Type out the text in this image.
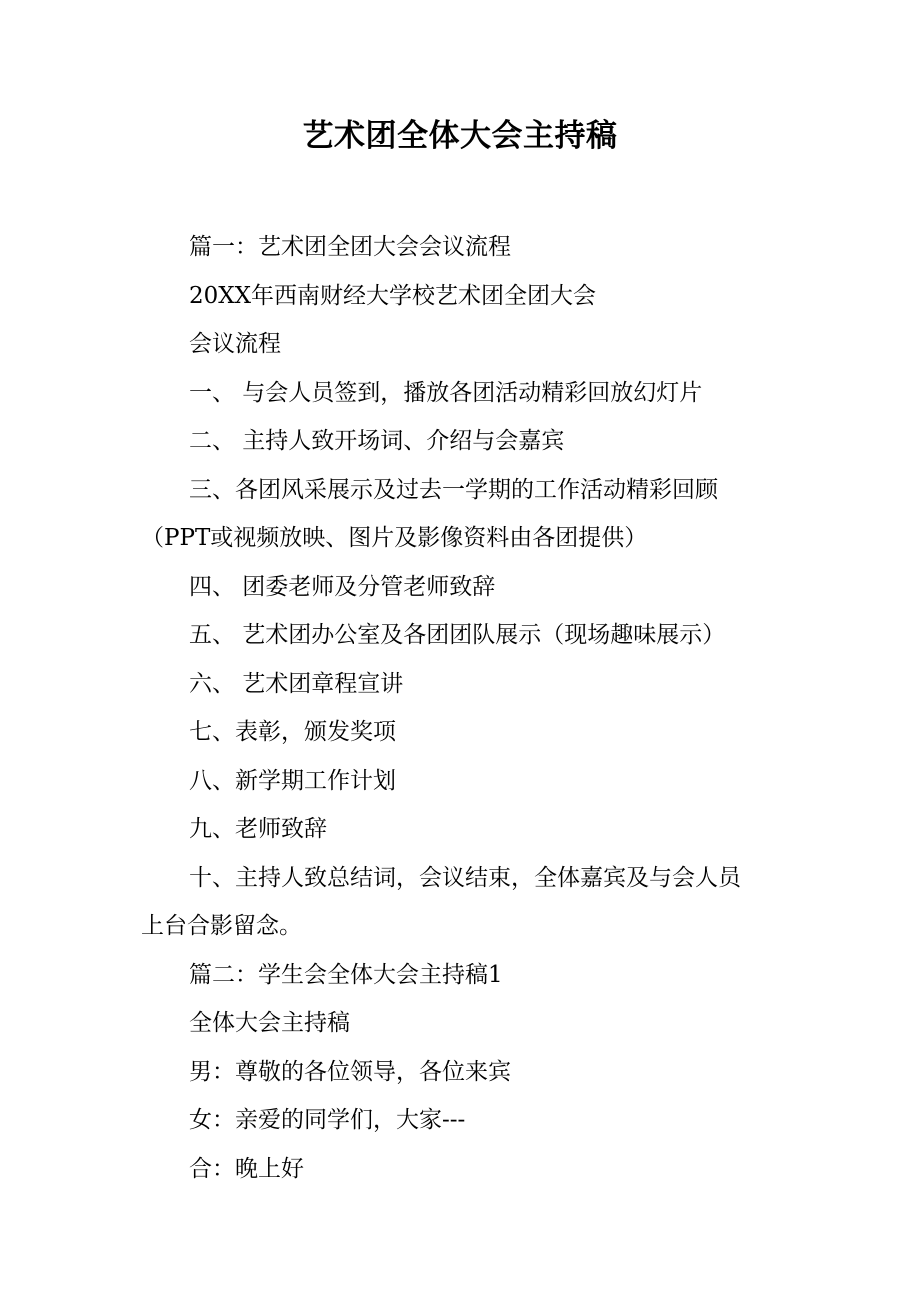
艺术团全体大会主持稿

篇一：艺术团全团大会会议流程

20XX年西南财经大学校艺术团全团大会

会议流程

一、 与会人员签到，播放各团活动精彩回放幻灯片

二、 主持人致开场词、介绍与会嘉宾

三、各团风采展示及过去一学期的工作活动精彩回顾

（PPT或视频放映、图片及影像资料由各团提供）

四、 团委老师及分管老师致辞

五、 艺术团办公室及各团团队展示（现场趣味展示）

六、 艺术团章程宣讲

七、表彰，颁发奖项

八、新学期工作计划

九、老师致辞

十、主持人致总结词，会议结束，全体嘉宾及与会人员

上台合影留念。

篇二：学生会全体大会主持稿1

全体大会主持稿

男：尊敬的各位领导，各位来宾

女：亲爱的同学们，大家---

合：晚上好
